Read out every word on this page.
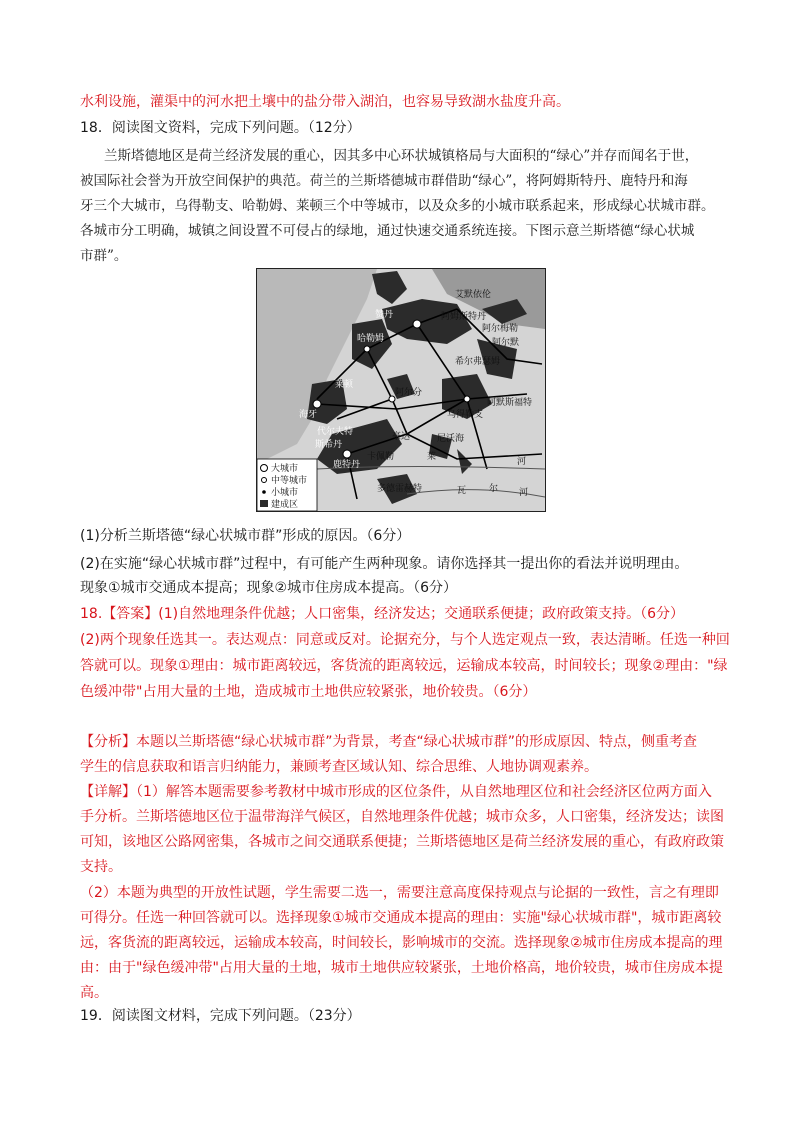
水利设施，灌渠中的河水把土壤中的盐分带入湖泊，也容易导致湖水盐度升高。
18．阅读图文资料，完成下列问题。（12分）
兰斯塔德地区是荷兰经济发展的重心，因其多中心环状城镇格局与大面积的“绿心”并存而闻名于世，
被国际社会誉为开放空间保护的典范。荷兰的兰斯塔德城市群借助“绿心”，将阿姆斯特丹、鹿特丹和海
牙三个大城市，乌得勒支、哈勒姆、莱顿三个中等城市，以及众多的小城市联系起来，形成绿心状城市群。
各城市分工明确，城镇之间设置不可侵占的绿地，通过快速交通系统连接。下图示意兰斯塔德“绿心状城
市群”。
艾默依伦
赞丹
哈勒姆
阿姆斯特丹
阿尔梅勒
阿尔默
希尔弗瑟姆
阿默斯福特
阿尔分
乌得勒支
莱顿
海牙
代尔夫特	豪达	尼沃海
鹿特丹
多德雷赫特
斯希丹
卡佩勒	莱	河
瓦	尔 河
大城市
中等城市
小城市
建成区
(1)分析兰斯塔德“绿心状城市群”形成的原因。（6分）
(2)在实施“绿心状城市群”过程中，有可能产生两种现象。请你选择其一提出你的看法并说明理由。
现象①城市交通成本提高；现象②城市住房成本提高。（6分）
18.【答案】(1)自然地理条件优越；人口密集，经济发达；交通联系便捷；政府政策支持。（6分）
(2)两个现象任选其一。表达观点：同意或反对。论据充分，与个人选定观点一致，表达清晰。任选一种回
答就可以。现象①理由：城市距离较远，客货流的距离较远，运输成本较高，时间较长；现象②理由："绿
色缓冲带"占用大量的土地，造成城市土地供应较紧张，地价较贵。（6分）
【分析】本题以兰斯塔德“绿心状城市群”为背景，考查“绿心状城市群”的形成原因、特点，侧重考查
学生的信息获取和语言归纳能力，兼顾考查区域认知、综合思维、人地协调观素养。
【详解】（1）解答本题需要参考教材中城市形成的区位条件，从自然地理区位和社会经济区位两方面入
手分析。兰斯塔德地区位于温带海洋气候区，自然地理条件优越；城市众多，人口密集，经济发达；读图
可知，该地区公路网密集，各城市之间交通联系便捷；兰斯塔德地区是荷兰经济发展的重心，有政府政策
支持。
（2）本题为典型的开放性试题，学生需要二选一，需要注意高度保持观点与论据的一致性，言之有理即
可得分。任选一种回答就可以。选择现象①城市交通成本提高的理由：实施"绿心状城市群"，城市距离较
远，客货流的距离较远，运输成本较高，时间较长，影响城市的交流。选择现象②城市住房成本提高的理
由：由于"绿色缓冲带"占用大量的土地，城市土地供应较紧张，土地价格高，地价较贵，城市住房成本提
高。
19．阅读图文材料，完成下列问题。（23分）
